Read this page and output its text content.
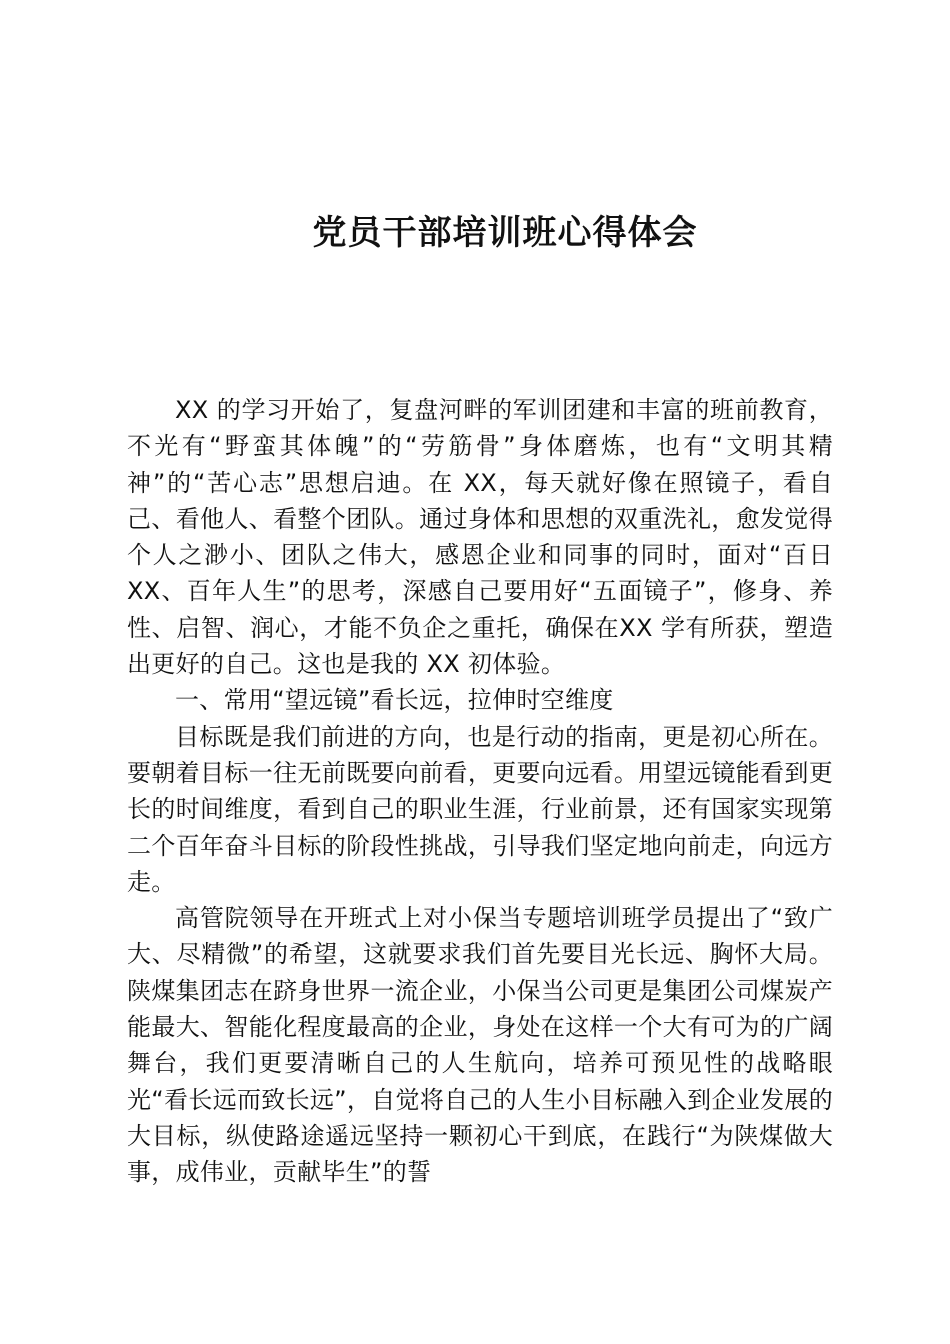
党员干部培训班心得体会

XX 的学习开始了，复盘河畔的军训团建和丰富的班前教育，不光有“野蛮其体魄”的“劳筋骨”身体磨炼，也有“文明其精神”的“苦心志”思想启迪。在 XX，每天就好像在照镜子，看自己、看他人、看整个团队。通过身体和思想的双重洗礼，愈发觉得个人之渺小、团队之伟大，感恩企业和同事的同时，面对“百日 XX、百年人生”的思考，深感自己要用好“五面镜子”，修身、养性、启智、润心，才能不负企之重托，确保在XX 学有所获，塑造出更好的自己。这也是我的 XX 初体验。

一、常用“望远镜”看长远，拉伸时空维度

目标既是我们前进的方向，也是行动的指南，更是初心所在。要朝着目标一往无前既要向前看，更要向远看。用望远镜能看到更长的时间维度，看到自己的职业生涯，行业前景，还有国家实现第二个百年奋斗目标的阶段性挑战，引导我们坚定地向前走，向远方走。

高管院领导在开班式上对小保当专题培训班学员提出了“致广大、尽精微”的希望，这就要求我们首先要目光长远、胸怀大局。陕煤集团志在跻身世界一流企业，小保当公司更是集团公司煤炭产能最大、智能化程度最高的企业，身处在这样一个大有可为的广阔舞台，我们更要清晰自己的人生航向，培养可预见性的战略眼光“看长远而致长远”，自觉将自己的人生小目标融入到企业发展的大目标，纵使路途遥远坚持一颗初心干到底，在践行“为陕煤做大事，成伟业，贡献毕生”的誓
